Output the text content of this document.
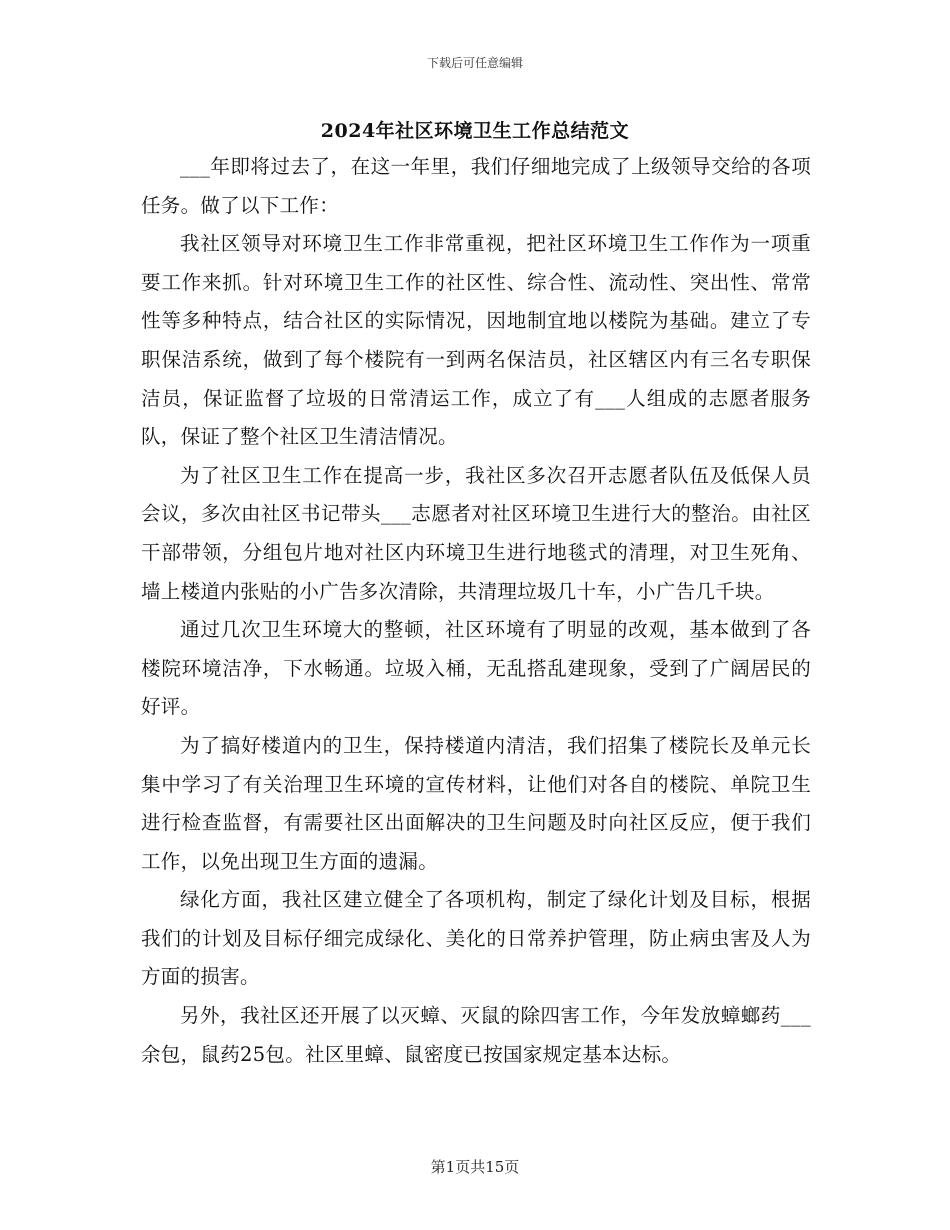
下载后可任意编辑
2024年社区环境卫生工作总结范文

___年即将过去了，在这一年里，我们仔细地完成了上级领导交给的各项任务。做了以下工作：

我社区领导对环境卫生工作非常重视，把社区环境卫生工作作为一项重要工作来抓。针对环境卫生工作的社区性、综合性、流动性、突出性、常常性等多种特点，结合社区的实际情况，因地制宜地以楼院为基础。建立了专职保洁系统，做到了每个楼院有一到两名保洁员，社区辖区内有三名专职保洁员，保证监督了垃圾的日常清运工作，成立了有___人组成的志愿者服务队，保证了整个社区卫生清洁情况。

为了社区卫生工作在提高一步，我社区多次召开志愿者队伍及低保人员会议，多次由社区书记带头___志愿者对社区环境卫生进行大的整治。由社区干部带领，分组包片地对社区内环境卫生进行地毯式的清理，对卫生死角、墙上楼道内张贴的小广告多次清除，共清理垃圾几十车，小广告几千块。

通过几次卫生环境大的整顿，社区环境有了明显的改观，基本做到了各楼院环境洁净，下水畅通。垃圾入桶，无乱搭乱建现象，受到了广阔居民的好评。

为了搞好楼道内的卫生，保持楼道内清洁，我们招集了楼院长及单元长集中学习了有关治理卫生环境的宣传材料，让他们对各自的楼院、单院卫生进行检查监督，有需要社区出面解决的卫生问题及时向社区反应，便于我们工作，以免出现卫生方面的遗漏。

绿化方面，我社区建立健全了各项机构，制定了绿化计划及目标，根据我们的计划及目标仔细完成绿化、美化的日常养护管理，防止病虫害及人为方面的损害。

另外，我社区还开展了以灭蟑、灭鼠的除四害工作，今年发放蟑螂药___余包，鼠药25包。社区里蟑、鼠密度已按国家规定基本达标。

第1页共15页
